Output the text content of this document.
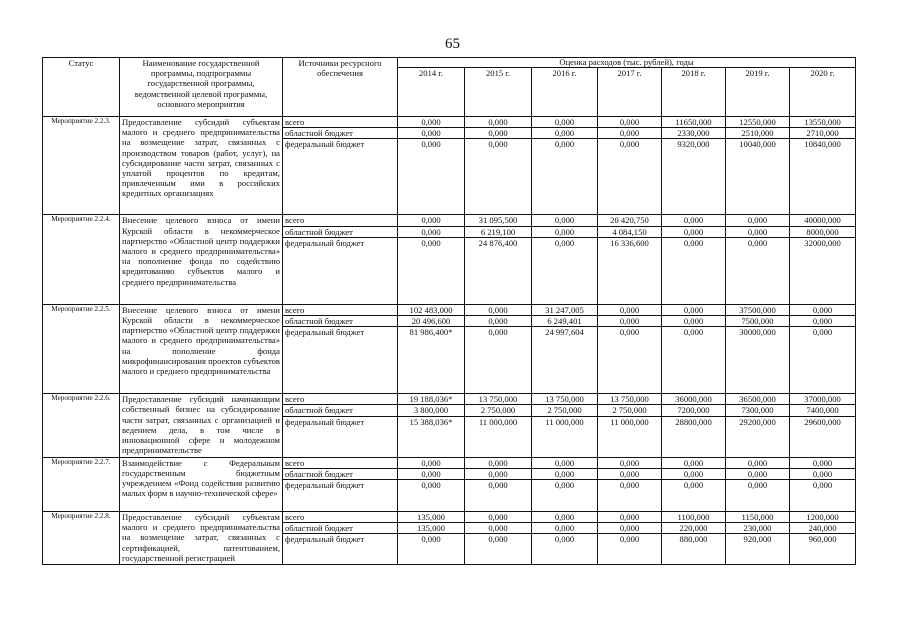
65
Статус	Наименование государственной программы, подпрограммы государственной программы, ведомственной целевой программы, основного мероприятия	Источники ресурсного обеспечения	Оценка расходов (тыс. рублей), годы						
			2014 г.	2015 г.	2016 г.	2017 г.	2018 г.	2019 г.	2020 г.
Мероприятие 2.2.3.	Предоставление субсидий субъектам малого и среднего предпринимательства на возмещение затрат, связанных с производством товаров (работ, услуг), на субсидирование части затрат, связанных с уплатой процентов по кредитам, привлеченным ими в российских кредитных организациях	всего	0,000	0,000	0,000	0,000	11650,000	12550,000	13550,000
		областной бюджет	0,000	0,000	0,000	0,000	2330,000	2510,000	2710,000
		федеральный бюджет	0,000	0,000	0,000	0,000	9320,000	10040,000	10840,000
Мероприятие 2.2.4.	Внесение целевого взноса от имени Курской области в некоммерческое партнерство «Областной центр поддержки малого и среднего предпринимательства» на пополнение фонда по содействию кредитованию субъектов малого и среднего предпринимательства	всего	0,000	31 095,500	0,000	20 420,750	0,000	0,000	40000,000
		областной бюджет	0,000	6 219,100	0,000	4 084,150	0,000	0,000	8000,000
		федеральный бюджет	0,000	24 876,400	0,000	16 336,600	0,000	0,000	32000,000
Мероприятие 2.2.5.	Внесение целевого взноса от имени Курской области в некоммерческое партнерство «Областной центр поддержки малого и среднего предпринимательства» на пополнение фонда микрофинансирования проектов субъектов малого и среднего предпринимательства	всего	102 483,000	0,000	31 247,005	0,000	0,000	37500,000	0,000
		областной бюджет	20 496,600	0,000	6 249,401	0,000	0,000	7500,000	0,000
		федеральный бюджет	81 986,400*	0,000	24 997,604	0,000	0,000	30000,000	0,000
Мероприятие 2.2.6.	Предоставление субсидий начинающим собственный бизнес на субсидирование части затрат, связанных с организацией и ведением дела, в том числе в инновационной сфере и молодежном предпринимательстве	всего	19 188,036*	13 750,000	13 750,000	13 750,000	36000,000	36500,000	37000,000
		областной бюджет	3 800,000	2 750,000	2 750,000	2 750,000	7200,000	7300,000	7400,000
		федеральный бюджет	15 388,036*	11 000,000	11 000,000	11 000,000	28800,000	29200,000	29600,000
Мероприятие 2.2.7.	Взаимодействие с Федеральным государственным бюджетным учреждением «Фонд содействия развитию малых форм в научно-технической сфере»	всего	0,000	0,000	0,000	0,000	0,000	0,000	0,000
		областной бюджет	0,000	0,000	0,000	0,000	0,000	0,000	0,000
		федеральный бюджет	0,000	0,000	0,000	0,000	0,000	0,000	0,000
Мероприятие 2.2.8.	Предоставление субсидий субъектам малого и среднего предпринимательства на возмещение затрат, связанных с сертификацией, патентованием, государственной регистрацией	всего	135,000	0,000	0,000	0,000	1100,000	1150,000	1200,000
		областной бюджет	135,000	0,000	0,000	0,000	220,000	230,000	240,000
		федеральный бюджет	0,000	0,000	0,000	0,000	880,000	920,000	960,000
